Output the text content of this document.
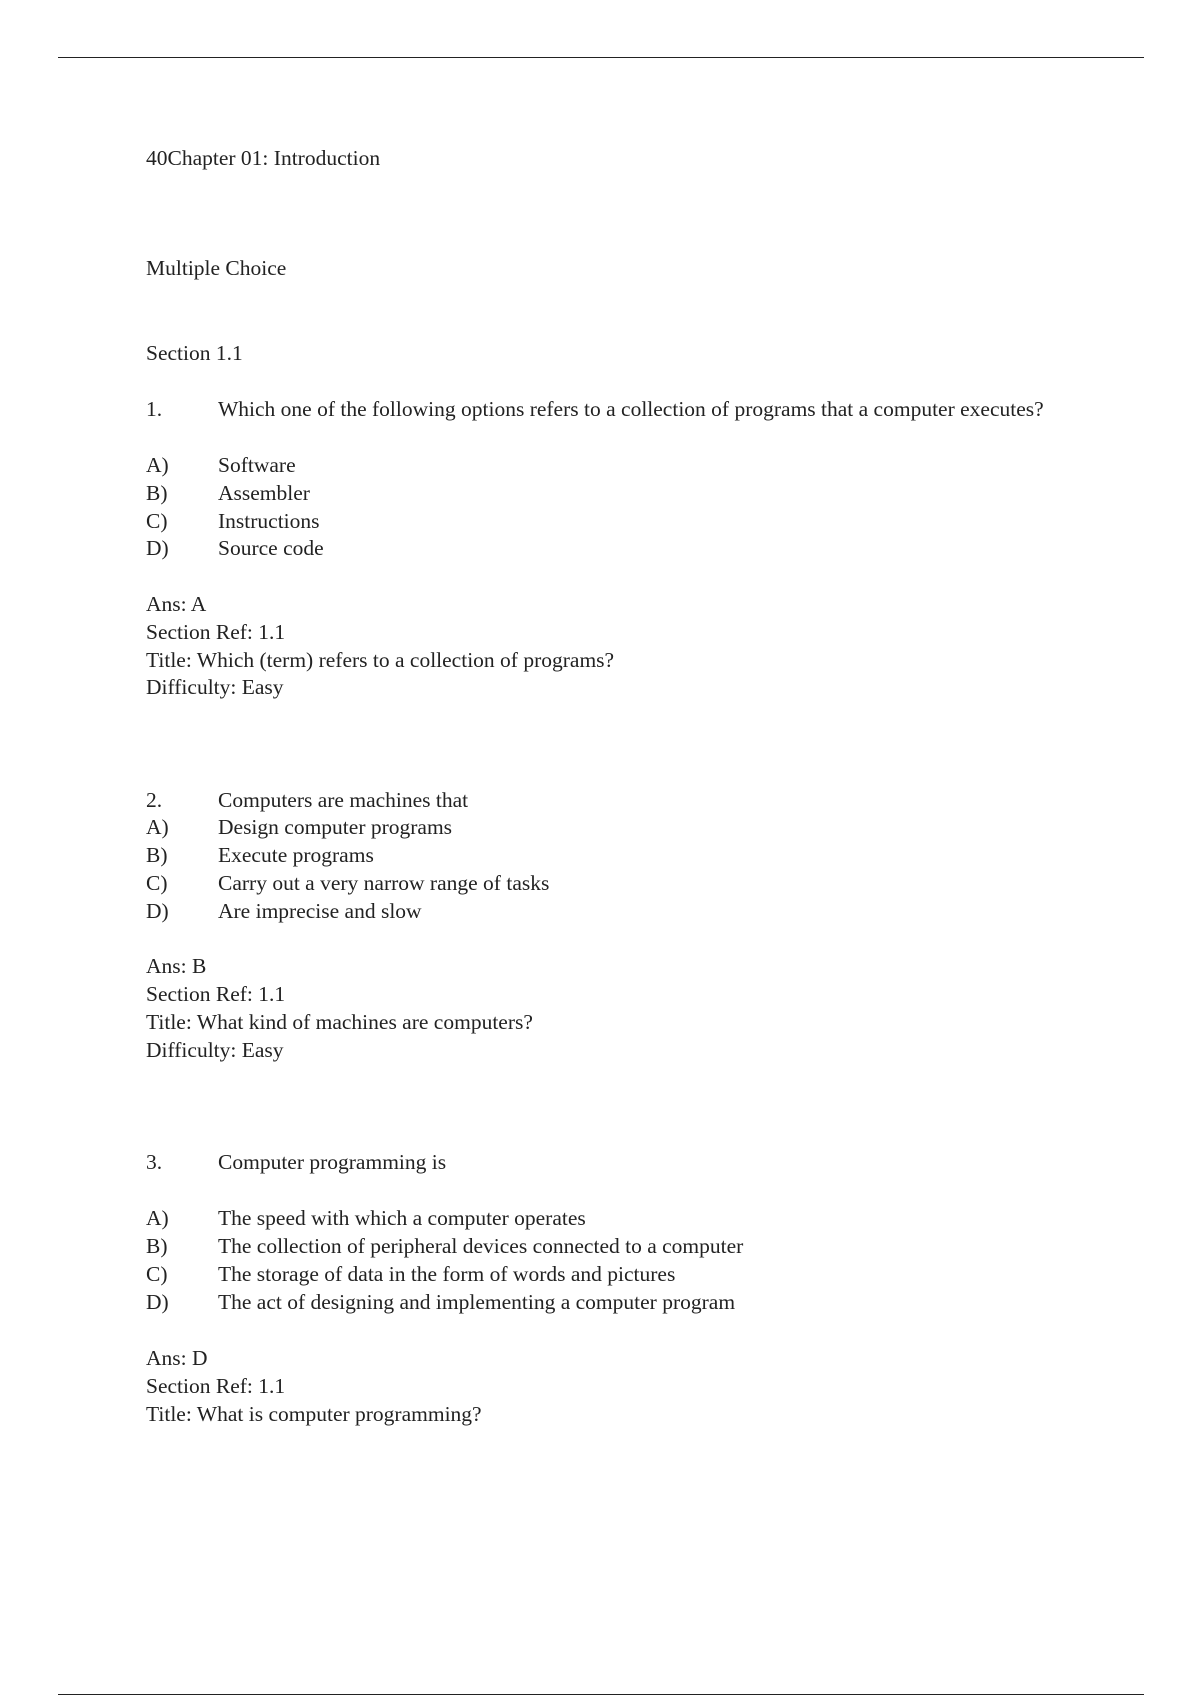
40Chapter 01: Introduction
Multiple Choice
Section 1.1
1.	Which one of the following options refers to a collection of programs that a computer executes?
A) Software
B) Assembler
C) Instructions
D) Source code
Ans: A
Section Ref: 1.1
Title: Which (term) refers to a collection of programs?
Difficulty: Easy
2.	Computers are machines that
A) Design computer programs
B) Execute programs
C) Carry out a very narrow range of tasks
D) Are imprecise and slow
Ans: B
Section Ref: 1.1
Title: What kind of machines are computers?
Difficulty: Easy
3.	Computer programming is
A) The speed with which a computer operates
B) The collection of peripheral devices connected to a computer
C) The storage of data in the form of words and pictures
D) The act of designing and implementing a computer program
Ans: D
Section Ref: 1.1
Title: What is computer programming?
